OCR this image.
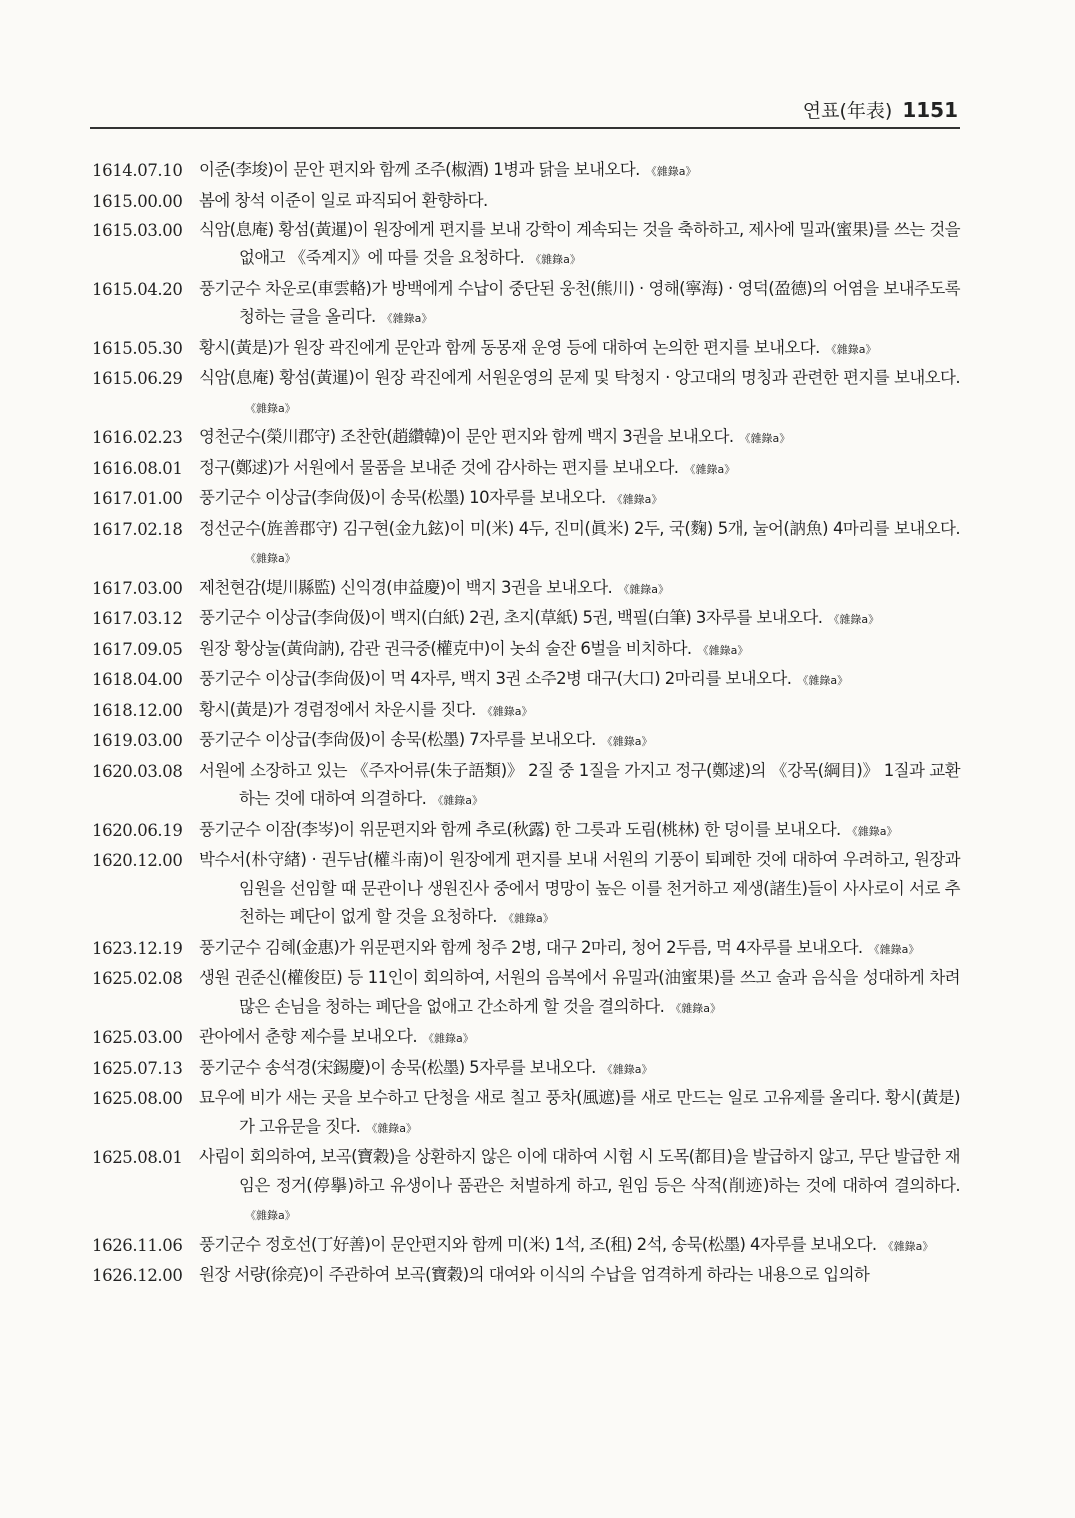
연표(年表) 1151
1614.07.10	이준(李埈)이 문안 편지와 함께 조주(椒酒) 1병과 닭을 보내오다. 《雜錄a》
1615.00.00	봄에 창석 이준이 일로 파직되어 환향하다.
1615.03.00	식암(息庵) 황섬(黃暹)이 원장에게 편지를 보내 강학이 계속되는 것을 축하하고, 제사에 밀과(蜜果)를 쓰는 것을 없애고 《죽계지》에 따를 것을 요청하다. 《雜錄a》
1615.04.20	풍기군수 차운로(車雲輅)가 방백에게 수납이 중단된 웅천(熊川) · 영해(寧海) · 영덕(盈德)의 어염을 보내주도록 청하는 글을 올리다. 《雜錄a》
1615.05.30	황시(黃是)가 원장 곽진에게 문안과 함께 동몽재 운영 등에 대하여 논의한 편지를 보내오다. 《雜錄a》
1615.06.29	식암(息庵) 황섬(黃暹)이 원장 곽진에게 서원운영의 문제 및 탁청지 · 앙고대의 명칭과 관련한 편지를 보내오다.《雜錄a》
1616.02.23	영천군수(榮川郡守) 조찬한(趙纘韓)이 문안 편지와 함께 백지 3권을 보내오다. 《雜錄a》
1616.08.01	정구(鄭逑)가 서원에서 물품을 보내준 것에 감사하는 편지를 보내오다. 《雜錄a》
1617.01.00	풍기군수 이상급(李尙伋)이 송묵(松墨) 10자루를 보내오다. 《雜錄a》
1617.02.18	정선군수(旌善郡守) 김구현(金九鉉)이 미(米) 4두, 진미(眞米) 2두, 국(麴) 5개, 눌어(訥魚) 4마리를 보내오다.《雜錄a》
1617.03.00	제천현감(堤川縣監) 신익경(申益慶)이 백지 3권을 보내오다. 《雜錄a》
1617.03.12	풍기군수 이상급(李尙伋)이 백지(白紙) 2권, 초지(草紙) 5권, 백필(白筆) 3자루를 보내오다. 《雜錄a》
1617.09.05	원장 황상눌(黃尙訥), 감관 권극중(權克中)이 놋쇠 술잔 6벌을 비치하다. 《雜錄a》
1618.04.00	풍기군수 이상급(李尙伋)이 먹 4자루, 백지 3권 소주2병 대구(大口) 2마리를 보내오다. 《雜錄a》
1618.12.00	황시(黃是)가 경렴정에서 차운시를 짓다. 《雜錄a》
1619.03.00	풍기군수 이상급(李尙伋)이 송묵(松墨) 7자루를 보내오다. 《雜錄a》
1620.03.08	서원에 소장하고 있는 《주자어류(朱子語類)》 2질 중 1질을 가지고 정구(鄭逑)의 《강목(綱目)》 1질과 교환하는 것에 대하여 의결하다. 《雜錄a》
1620.06.19	풍기군수 이잠(李岑)이 위문편지와 함께 추로(秋露) 한 그릇과 도림(桃林) 한 덩이를 보내오다. 《雜錄a》
1620.12.00	박수서(朴守緖) · 권두남(權斗南)이 원장에게 편지를 보내 서원의 기풍이 퇴폐한 것에 대하여 우려하고, 원장과 임원을 선임할 때 문관이나 생원진사 중에서 명망이 높은 이를 천거하고 제생(諸生)들이 사사로이 서로 추천하는 폐단이 없게 할 것을 요청하다. 《雜錄a》
1623.12.19	풍기군수 김혜(金惠)가 위문편지와 함께 청주 2병, 대구 2마리, 청어 2두름, 먹 4자루를 보내오다. 《雜錄a》
1625.02.08	생원 권준신(權俊臣) 등 11인이 회의하여, 서원의 음복에서 유밀과(油蜜果)를 쓰고 술과 음식을 성대하게 차려 많은 손님을 청하는 폐단을 없애고 간소하게 할 것을 결의하다. 《雜錄a》
1625.03.00	관아에서 춘향 제수를 보내오다. 《雜錄a》
1625.07.13	풍기군수 송석경(宋錫慶)이 송묵(松墨) 5자루를 보내오다. 《雜錄a》
1625.08.00	묘우에 비가 새는 곳을 보수하고 단청을 새로 칠고 풍차(風遮)를 새로 만드는 일로 고유제를 올리다. 황시(黃是)가 고유문을 짓다. 《雜錄a》
1625.08.01	사림이 회의하여, 보곡(寶穀)을 상환하지 않은 이에 대하여 시험 시 도목(都目)을 발급하지 않고, 무단 발급한 재임은 정거(停擧)하고 유생이나 품관은 처벌하게 하고, 원임 등은 삭적(削迹)하는 것에 대하여 결의하다.《雜錄a》
1626.11.06	풍기군수 정호선(丁好善)이 문안편지와 함께 미(米) 1석, 조(租) 2석, 송묵(松墨) 4자루를 보내오다. 《雜錄a》
1626.12.00	원장 서량(徐亮)이 주관하여 보곡(寶穀)의 대여와 이식의 수납을 엄격하게 하라는 내용으로 입의하
